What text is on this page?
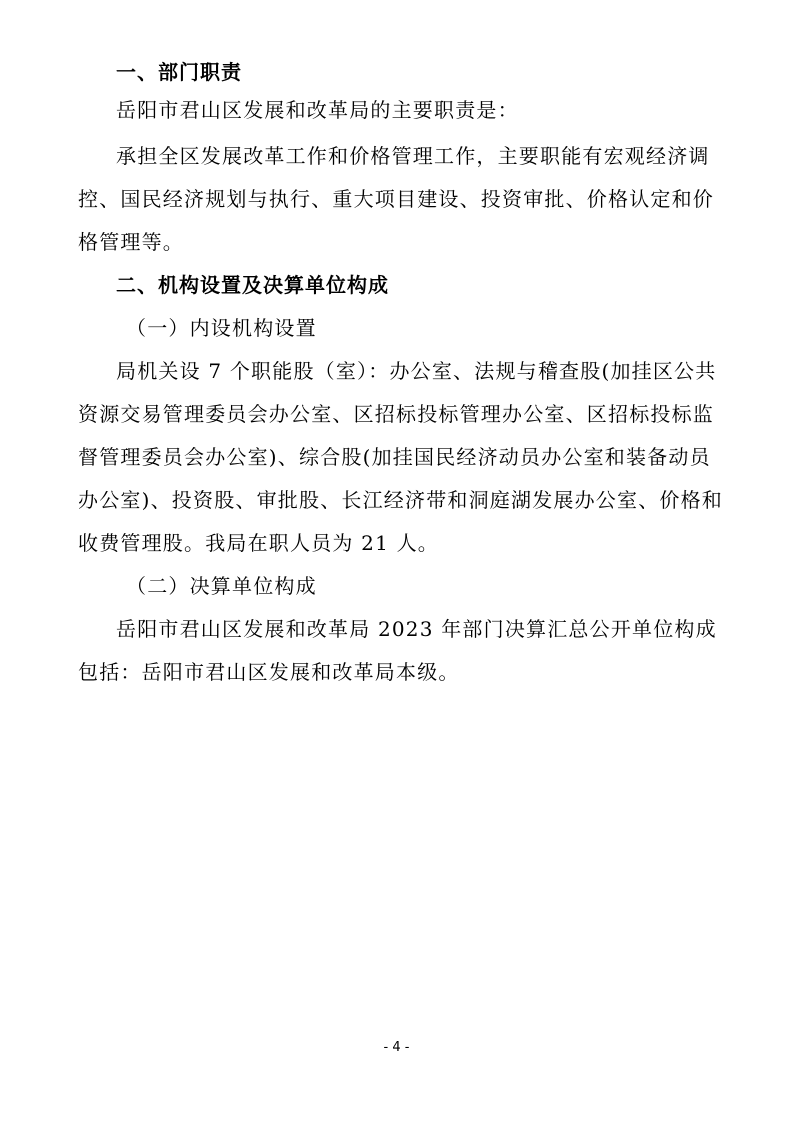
一、部门职责
岳阳市君山区发展和改革局的主要职责是：
承担全区发展改革工作和价格管理工作，主要职能有宏观经济调
控、国民经济规划与执行、重大项目建设、投资审批、价格认定和价
格管理等。
二、机构设置及决算单位构成
（一）内设机构设置
局机关设 7 个职能股（室）：办公室、法规与稽查股(加挂区公共
资源交易管理委员会办公室、区招标投标管理办公室、区招标投标监
督管理委员会办公室)、综合股(加挂国民经济动员办公室和装备动员
办公室)、投资股、审批股、长江经济带和洞庭湖发展办公室、价格和
收费管理股。我局在职人员为 21 人。
（二）决算单位构成
岳阳市君山区发展和改革局 2023 年部门决算汇总公开单位构成
包括：岳阳市君山区发展和改革局本级。
- 4 -
